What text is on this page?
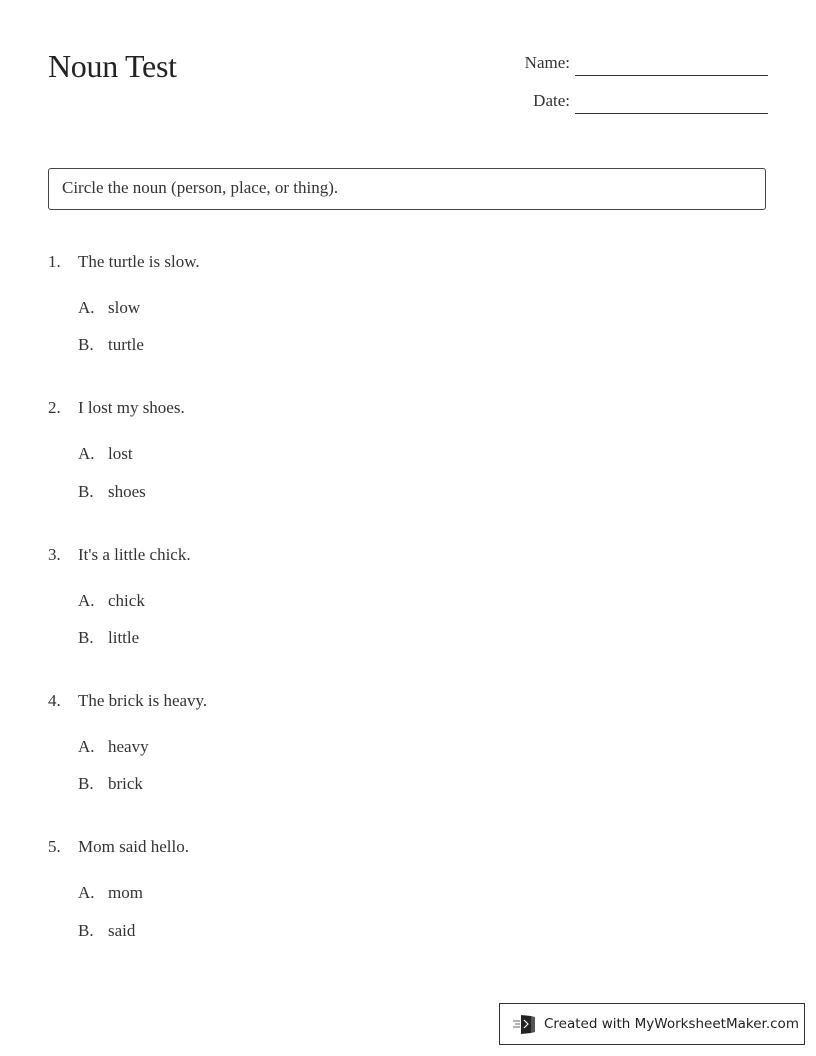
Noun Test	Name:
Date:
Circle the noun (person, place, or thing).
1. The turtle is slow.
A. slow
B. turtle
2. I lost my shoes.
A. lost
B. shoes
3. It's a little chick.
A. chick
B. little
4. The brick is heavy.
A. heavy
B. brick
5. Mom said hello.
A. mom
B. said
Created with MyWorksheetMaker.com
